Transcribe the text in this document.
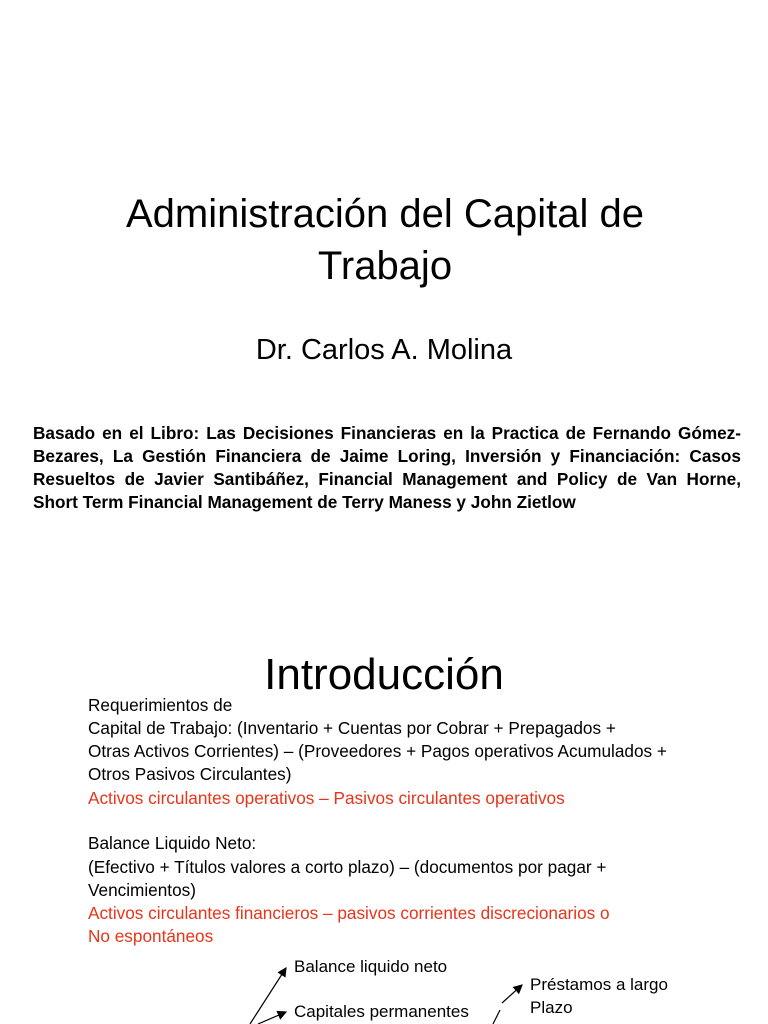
Administración del Capital de
Trabajo
Dr. Carlos A. Molina

Basado en el Libro: Las Decisiones Financieras en la Practica de Fernando Gómez-Bezares, La Gestión Financiera de Jaime Loring, Inversión y Financiación: Casos Resueltos de Javier Santibáñez, Financial Management and Policy de Van Horne, Short Term Financial Management de Terry Maness y John Zietlow

Introducción

Requerimientos de

Capital de Trabajo: (Inventario + Cuentas por Cobrar + Prepagados +

Otras Activos Corrientes) – (Proveedores + Pagos operativos Acumulados +

Otros Pasivos Circulantes)

Activos circulantes operativos – Pasivos circulantes operativos

Balance Liquido Neto:

(Efectivo + Títulos valores a corto plazo) – (documentos por pagar +

Vencimientos)

Activos circulantes financieros – pasivos corrientes discrecionarios o

No espontáneos

Balance liquido neto
Capitales permanentes
Préstamos a largo
Plazo
